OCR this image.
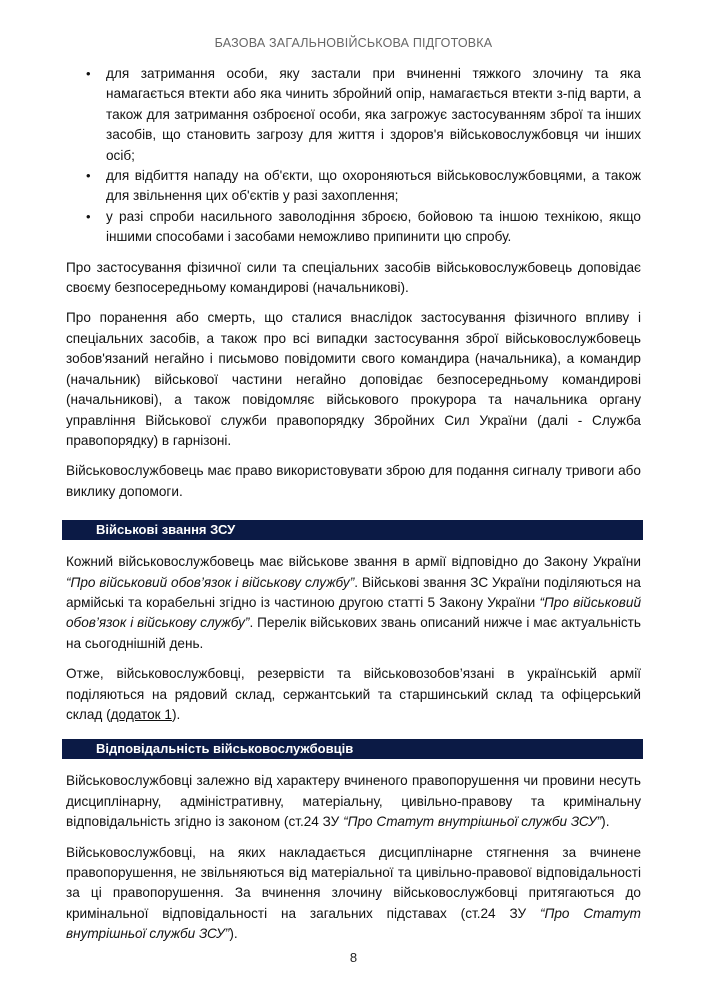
БАЗОВА ЗАГАЛЬНОВІЙСЬКОВА ПІДГОТОВКА
• для затримання особи, яку застали при вчиненні тяжкого злочину та яка намагається втекти або яка чинить збройний опір, намагається втекти з-під варти, а також для затримання озброєної особи, яка загрожує застосуванням зброї та інших засобів, що становить загрозу для життя і здоров'я військовослужбовця чи інших осіб;
• для відбиття нападу на об'єкти, що охороняються військовослужбовцями, а також для звільнення цих об'єктів у разі захоплення;
• у разі спроби насильного заволодіння зброєю, бойовою та іншою технікою, якщо іншими способами і засобами неможливо припинити цю спробу.

Про застосування фізичної сили та спеціальних засобів військовослужбовець доповідає своєму безпосередньому командирові (начальникові).

Про поранення або смерть, що сталися внаслідок застосування фізичного впливу і спеціальних засобів, а також про всі випадки застосування зброї військовослужбовець зобов'язаний негайно і письмово повідомити свого командира (начальника), а командир (начальник) військової частини негайно доповідає безпосередньому командирові (начальникові), а також повідомляє військового прокурора та начальника органу управління Військової служби правопорядку Збройних Сил України (далі - Служба правопорядку) в гарнізоні.

Військовослужбовець має право використовувати зброю для подання сигналу тривоги або виклику допомоги.

Військові звання ЗСУ

Кожний військовослужбовець має військове звання в армії відповідно до Закону України “Про військовий обов’язок і військову службу”. Військові звання ЗС України поділяються на армійські та корабельні згідно із частиною другою статті 5 Закону України “Про військовий обов’язок і військову службу”. Перелік військових звань описаний нижче і має актуальність на сьогоднішній день.

Отже, військовослужбовці, резервісти та військовозобов’язані в українській армії поділяються на рядовий склад, сержантський та старшинський склад та офіцерський склад (додаток 1).

Відповідальність військовослужбовців

Військовослужбовці залежно від характеру вчиненого правопорушення чи провини несуть дисциплінарну, адміністративну, матеріальну, цивільно-правову та кримінальну відповідальність згідно із законом (ст.24 ЗУ “Про Статут внутрішньої служби ЗСУ”).

Військовослужбовці, на яких накладається дисциплінарне стягнення за вчинене правопорушення, не звільняються від матеріальної та цивільно-правової відповідальності за ці правопорушення. За вчинення злочину військовослужбовці притягаються до кримінальної відповідальності на загальних підставах (ст.24 ЗУ “Про Статут внутрішньої служби ЗСУ”).

8
